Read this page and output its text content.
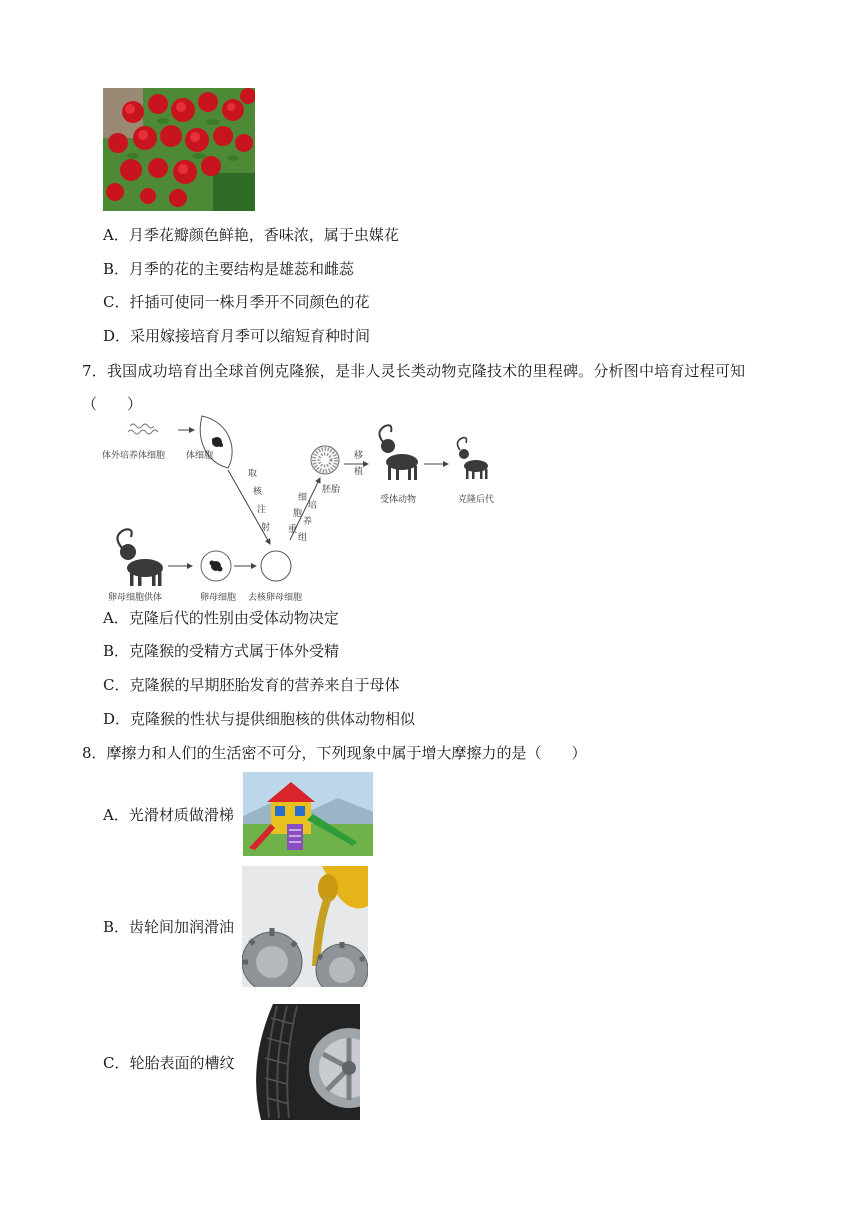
A．月季花瓣颜色鲜艳，香味浓，属于虫媒花
B．月季的花的主要结构是雄蕊和雌蕊
C．扦插可使同一株月季开不同颜色的花
D．采用嫁接培育月季可以缩短育种时间
7．我国成功培育出全球首例克隆猴，是非人灵长类动物克隆技术的里程碑。分析图中培育过程可知
（　　）
体外培养体细胞 体细胞
取
核
注
射
细
培
胞
养
重
组
胚胎
移
植
受体动物	克隆后代
卵母细胞供体	卵母细胞 去核卵母细胞
A．克隆后代的性别由受体动物决定
B．克隆猴的受精方式属于体外受精
C．克隆猴的早期胚胎发育的营养来自于母体
D．克隆猴的性状与提供细胞核的供体动物相似
8．摩擦力和人们的生活密不可分，下列现象中属于增大摩擦力的是（　　）
A．光滑材质做滑梯
B．齿轮间加润滑油
C．轮胎表面的槽纹
